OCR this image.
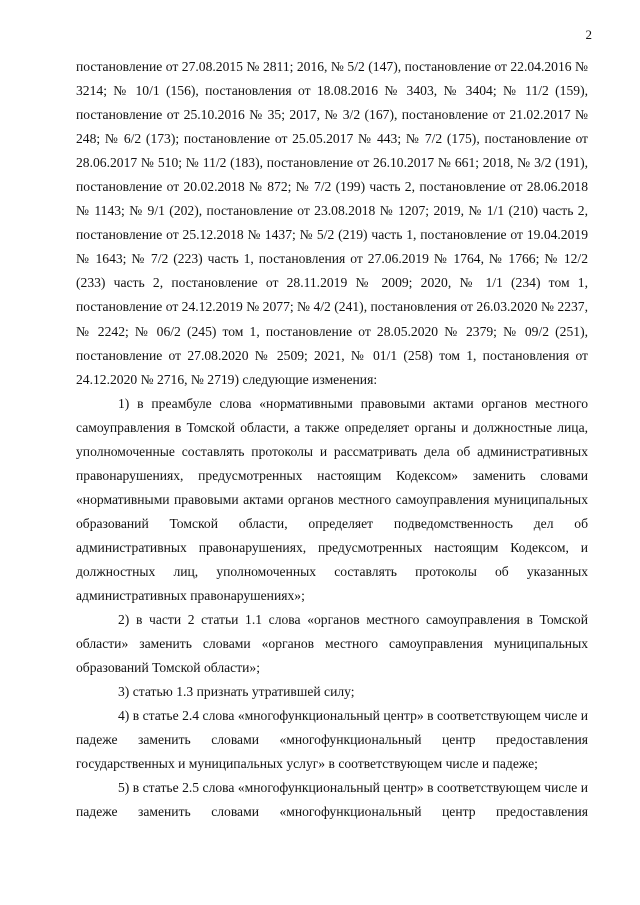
2

постановление от 27.08.2015 № 2811; 2016, № 5/2 (147), постановление от 22.04.2016 № 3214; № 10/1 (156), постановления от 18.08.2016 № 3403, № 3404; № 11/2 (159), постановление от 25.10.2016 № 35; 2017, № 3/2 (167), постановление от 21.02.2017 № 248; № 6/2 (173); постановление от 25.05.2017 № 443; № 7/2 (175), постановление от 28.06.2017 № 510; № 11/2 (183), постановление от 26.10.2017 № 661; 2018, № 3/2 (191), постановление от 20.02.2018 № 872; № 7/2 (199) часть 2, постановление от 28.06.2018 № 1143; № 9/1 (202), постановление от 23.08.2018 № 1207; 2019, № 1/1 (210) часть 2, постановление от 25.12.2018 № 1437; № 5/2 (219) часть 1, постановление от 19.04.2019 № 1643; № 7/2 (223) часть 1, постановления от 27.06.2019 № 1764, № 1766; № 12/2 (233) часть 2, постановление от 28.11.2019 № 2009; 2020, № 1/1 (234) том 1, постановление от 24.12.2019 № 2077; № 4/2 (241), постановления от 26.03.2020 № 2237, № 2242; № 06/2 (245) том 1, постановление от 28.05.2020 № 2379; № 09/2 (251), постановление от 27.08.2020 № 2509; 2021, № 01/1 (258) том 1, постановления от 24.12.2020 № 2716, № 2719) следующие изменения:

1) в преамбуле слова «нормативными правовыми актами органов местного самоуправления в Томской области, а также определяет органы и должностные лица, уполномоченные составлять протоколы и рассматривать дела об административных правонарушениях, предусмотренных настоящим Кодексом» заменить словами «нормативными правовыми актами органов местного самоуправления муниципальных образований Томской области, определяет подведомственность дел об административных правонарушениях, предусмотренных настоящим Кодексом, и должностных лиц, уполномоченных составлять протоколы об указанных административных правонарушениях»;

2) в части 2 статьи 1.1 слова «органов местного самоуправления в Томской области» заменить словами «органов местного самоуправления муниципальных образований Томской области»;

3) статью 1.3 признать утратившей силу;

4) в статье 2.4 слова «многофункциональный центр» в соответствующем числе и падеже заменить словами «многофункциональный центр предоставления государственных и муниципальных услуг» в соответствующем числе и падеже;

5) в статье 2.5 слова «многофункциональный центр» в соответствующем числе и падеже заменить словами «многофункциональный центр предоставления
